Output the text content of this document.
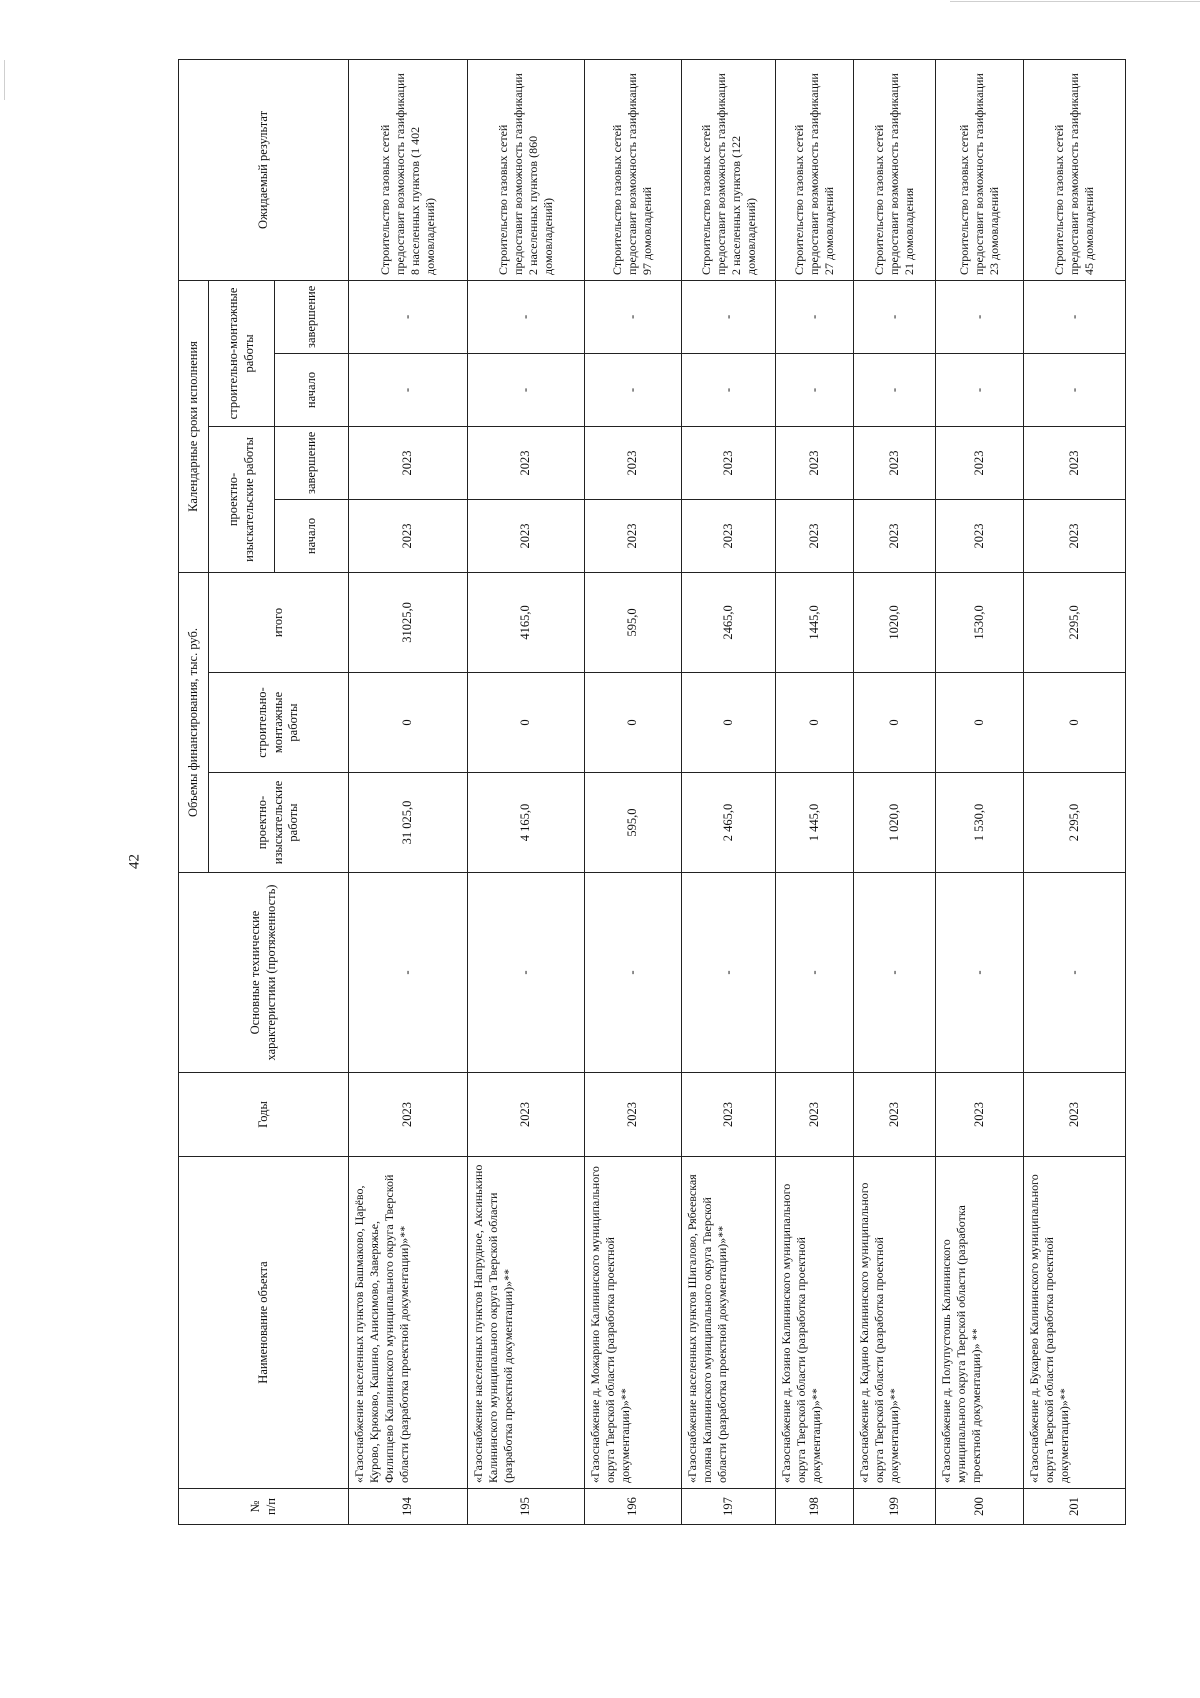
42
№ п/п	Наименование объекта	Годы	Основные технические характеристики (протяженность)	Объемы финансирования, тыс. руб.			Календарные сроки исполнения				Ожидаемый результат
				проектно-изыскательские работы	строительно-монтажные работы	итого	проектно-изыскательские работы		строительно-монтажные работы		
							начало	завершение	начало	завершение	
194	«Газоснабжение населенных пунктов Башмаково, Царёво, Курово, Крюково, Кашино, Анисимово, Заверяжье, Филипцево Калининского муниципального округа Тверской области (разработка проектной документации)»**	2023	-	31 025,0	0	31025,0	2023	2023	-	-	Строительство газовых сетей предоставит возможность газификации 8 населенных пунктов (1 402 домовладений)
195	«Газоснабжение населенных пунктов Напрудное, Аксинькино Калининского муниципального округа Тверской области (разработка проектной документации)»**	2023	-	4 165,0	0	4165,0	2023	2023	-	-	Строительство газовых сетей предоставит возможность газификации 2 населенных пунктов (860 домовладений)
196	«Газоснабжение д. Можарино Калининского муниципального округа Тверской области (разработка проектной документации)»**	2023	-	595,0	0	595,0	2023	2023	-	-	Строительство газовых сетей предоставит возможность газификации 97 домовладений
197	«Газоснабжение населенных пунктов Шигалово, Рябеевская поляна Калининского муниципального округа Тверской области (разработка проектной документации)»**	2023	-	2 465,0	0	2465,0	2023	2023	-	-	Строительство газовых сетей предоставит возможность газификации 2 населенных пунктов (122 домовладений)
198	«Газоснабжение д. Козино Калининского муниципального округа Тверской области (разработка проектной документации)»**	2023	-	1 445,0	0	1445,0	2023	2023	-	-	Строительство газовых сетей предоставит возможность газификации 27 домовладений
199	«Газоснабжение д. Кадино Калининского муниципального округа Тверской области (разработка проектной документации)»**	2023	-	1 020,0	0	1020,0	2023	2023	-	-	Строительство газовых сетей предоставит возможность газификации 21 домовладения
200	«Газоснабжение д. Полупустошь Калининского муниципального округа Тверской области (разработка проектной документации)» **	2023	-	1 530,0	0	1530,0	2023	2023	-	-	Строительство газовых сетей предоставит возможность газификации 23 домовладений
201	«Газоснабжение д. Букарево Калининского муниципального округа Тверской области (разработка проектной документации)»**	2023	-	2 295,0	0	2295,0	2023	2023	-	-	Строительство газовых сетей предоставит возможность газификации 45 домовладений
